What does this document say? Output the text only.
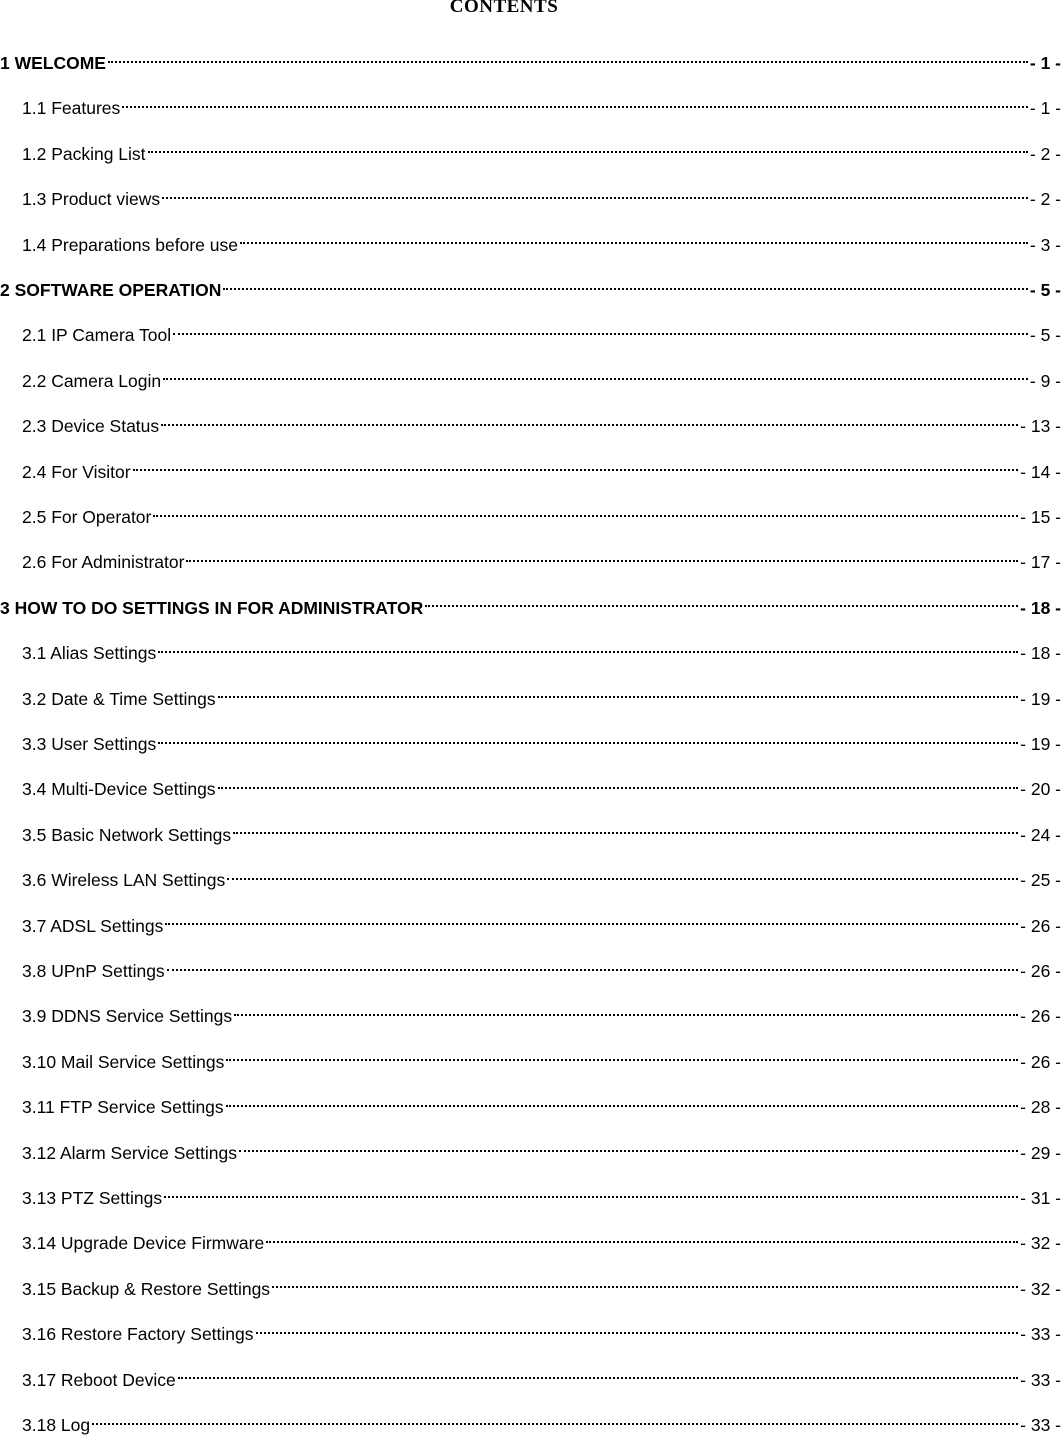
CONTENTS
1 WELCOME	- 1 -
1.1 Features	- 1 -
1.2 Packing List	- 2 -
1.3 Product views	- 2 -
1.4 Preparations before use	- 3 -
2 SOFTWARE OPERATION	- 5 -
2.1 IP Camera Tool	- 5 -
2.2 Camera Login	- 9 -
2.3 Device Status	- 13 -
2.4 For Visitor	- 14 -
2.5 For Operator	- 15 -
2.6 For Administrator	- 17 -
3 HOW TO DO SETTINGS IN FOR ADMINISTRATOR	- 18 -
3.1 Alias Settings	- 18 -
3.2 Date & Time Settings	- 19 -
3.3 User Settings	- 19 -
3.4 Multi-Device Settings	- 20 -
3.5 Basic Network Settings	- 24 -
3.6 Wireless LAN Settings	- 25 -
3.7 ADSL Settings	- 26 -
3.8 UPnP Settings	- 26 -
3.9 DDNS Service Settings	- 26 -
3.10 Mail Service Settings	- 26 -
3.11 FTP Service Settings	- 28 -
3.12 Alarm Service Settings	- 29 -
3.13 PTZ Settings	- 31 -
3.14 Upgrade Device Firmware	- 32 -
3.15 Backup & Restore Settings	- 32 -
3.16 Restore Factory Settings	- 33 -
3.17 Reboot Device	- 33 -
3.18 Log	- 33 -
